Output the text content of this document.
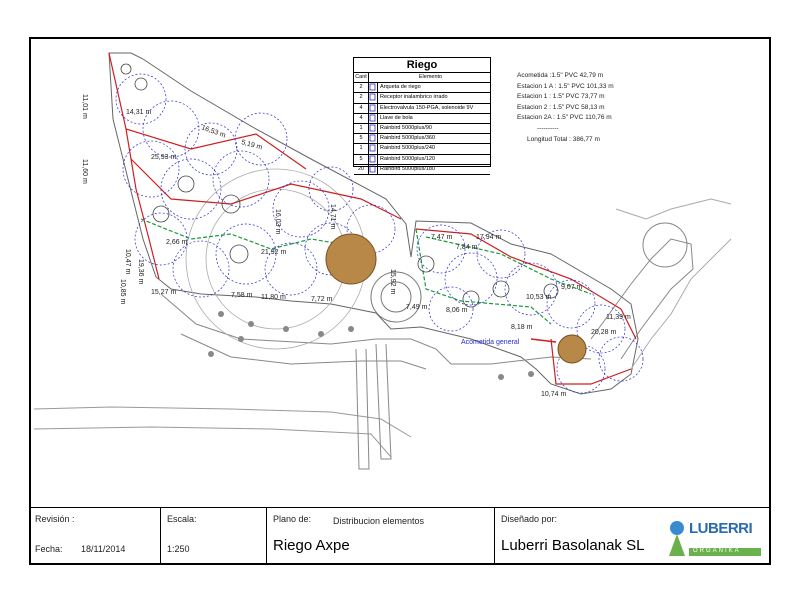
Acometida general
11,01 m	14,31 m
25,93 m
16,53 m
5,19 m
11,60 m
10,47 m
10,85 m	15,27 m
19,36 m
2,66 m
21,92 m
16,03 m	14,71 m
7,58 m 11,80 m	7,72 m
15,92 m
7,49 m	8,06 m
8,18 m
17,94 m
10,53 m
9,07 m
20,28 m
11,39 m
10,74 m
7,47 m
7,84 m
Riego
Cant	Elemento
2	Arqueta de riego
2	Receptor inalambrico irrado
4	Electrovalvula 150-PGA, solenoide 9V
4	Llave de bola
1	Rainbird 5000plus/90
5	Rainbird 5000plus/360
1	Rainbird 5000plus/240
5	Rainbird 5000plus/120
20	Rainbird 5000plus/180
Acometida :1.5" PVC 42,79 m
Estacion 1 A : 1.5" PVC 101,33 m
Estacion 1 : 1.5" PVC 73,77 m
Estacion 2 : 1.5" PVC 58,13 m
Estacion 2A : 1.5" PVC 110,76 m
----------
Longitud Total : 386,77 m
Revisión :
Fecha: 18/11/2014
Escala:
1:250
Plano de: Distribucion elementos
Riego Axpe
Diseñado por:
Luberri Basolanak SL
LUBERRI
ORGANIKA
